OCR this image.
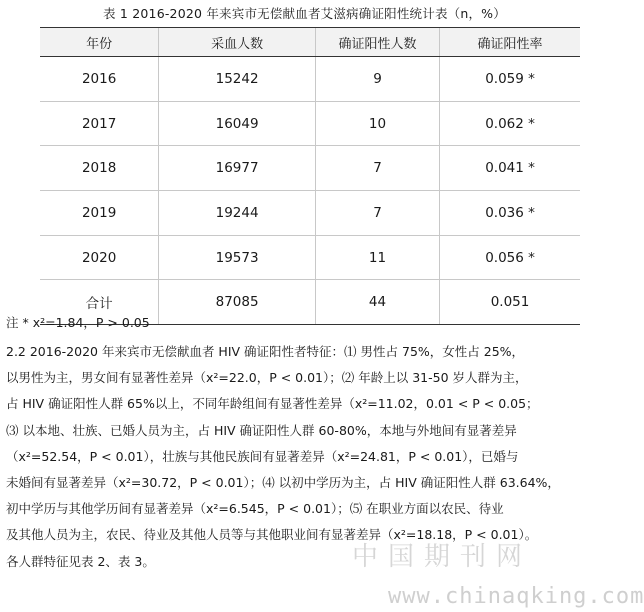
表 1 2016-2020 年来宾市无偿献血者艾滋病确证阳性统计表（n，%）
年份	采血人数	确证阳性人数	确证阳性率
2016	15242	9	0.059 *
2017	16049	10	0.062 *
2018	16977	7	0.041 *
2019	19244	7	0.036 *
2020	19573	11	0.056 *
合计	87085	44	0.051
注 * x²=1.84，P > 0.05

2.2 2016-2020 年来宾市无偿献血者 HIV 确证阳性者特征：⑴ 男性占 75%，女性占 25%，

以男性为主，男女间有显著性差异（x²=22.0，P < 0.01）；⑵ 年龄上以 31-50 岁人群为主，

占 HIV 确证阳性人群 65%以上，不同年龄组间有显著性差异（x²=11.02，0.01 < P < 0.05；

⑶ 以本地、壮族、已婚人员为主，占 HIV 确证阳性人群 60-80%，本地与外地间有显著差异

（x²=52.54，P < 0.01），壮族与其他民族间有显著差异（x²=24.81，P < 0.01），已婚与

未婚间有显著差异（x²=30.72，P < 0.01）；⑷ 以初中学历为主，占 HIV 确证阳性人群 63.64%，

初中学历与其他学历间有显著差异（x²=6.545，P < 0.01）；⑸ 在职业方面以农民、待业

及其他人员为主，农民、待业及其他人员等与其他职业间有显著差异（x²=18.18，P < 0.01）。

各人群特征见表 2、表 3。	中国期刊网
www.chinaqking.com
